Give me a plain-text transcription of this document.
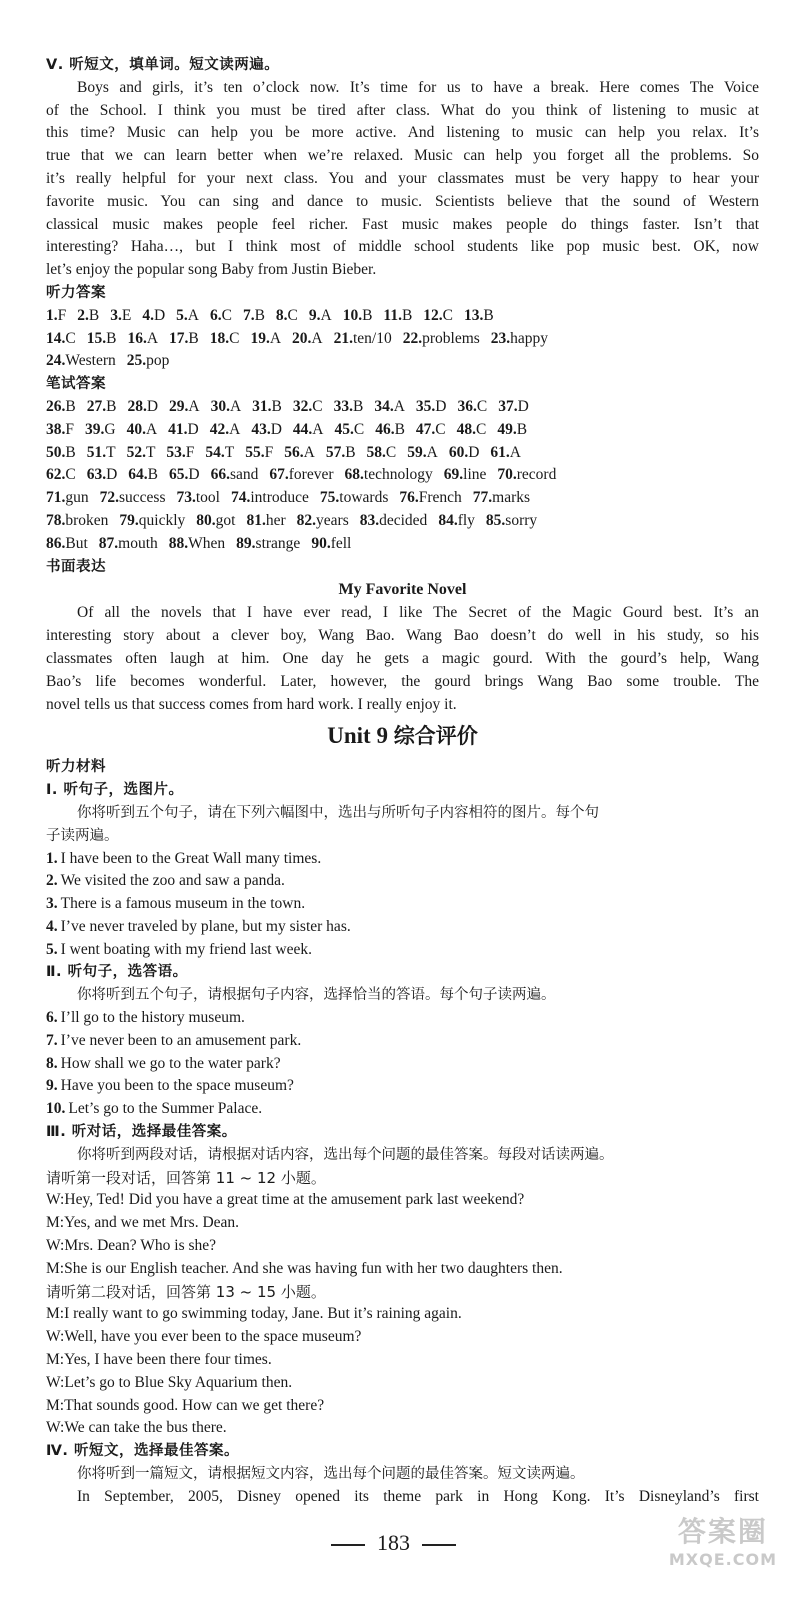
Ⅴ. 听短文，填单词。短文读两遍。
Boys and girls, it’s ten o’clock now. It’s time for us to have a break. Here comes The Voice
of the School. I think you must be tired after class. What do you think of listening to music at
this time? Music can help you be more active. And listening to music can help you relax. It’s
true that we can learn better when we’re relaxed. Music can help you forget all the problems. So
it’s really helpful for your next class. You and your classmates must be very happy to hear your
favorite music. You can sing and dance to music. Scientists believe that the sound of Western
classical music makes people feel richer. Fast music makes people do things faster. Isn’t that
interesting? Haha…, but I think most of middle school students like pop music best. OK, now
let’s enjoy the popular song Baby from Justin Bieber.
听力答案
1.F 2.B 3.E 4.D 5.A 6.C 7.B 8.C 9.A 10.B 11.B 12.C 13.B
14.C 15.B 16.A 17.B 18.C 19.A 20.A 21.ten/10 22.problems 23.happy
24.Western 25.pop
笔试答案
26.B 27.B 28.D 29.A 30.A 31.B 32.C 33.B 34.A 35.D 36.C 37.D
38.F 39.G 40.A 41.D 42.A 43.D 44.A 45.C 46.B 47.C 48.C 49.B
50.B 51.T 52.T 53.F 54.T 55.F 56.A 57.B 58.C 59.A 60.D 61.A
62.C 63.D 64.B 65.D 66.sand 67.forever 68.technology 69.line 70.record
71.gun 72.success 73.tool 74.introduce 75.towards 76.French 77.marks
78.broken 79.quickly 80.got 81.her 82.years 83.decided 84.fly 85.sorry
86.But 87.mouth 88.When 89.strange 90.fell
书面表达
My Favorite Novel
Of all the novels that I have ever read, I like The Secret of the Magic Gourd best. It’s an
interesting story about a clever boy, Wang Bao. Wang Bao doesn’t do well in his study, so his
classmates often laugh at him. One day he gets a magic gourd. With the gourd’s help, Wang
Bao’s life becomes wonderful. Later, however, the gourd brings Wang Bao some trouble. The
novel tells us that success comes from hard work. I really enjoy it.
Unit 9 综合评价
听力材料
Ⅰ. 听句子，选图片。
你将听到五个句子，请在下列六幅图中，选出与所听句子内容相符的图片。每个句
子读两遍。
1. I have been to the Great Wall many times.
2. We visited the zoo and saw a panda.
3. There is a famous museum in the town.
4. I’ve never traveled by plane, but my sister has.
5. I went boating with my friend last week.
Ⅱ. 听句子，选答语。
你将听到五个句子，请根据句子内容，选择恰当的答语。每个句子读两遍。
6. I’ll go to the history museum.
7. I’ve never been to an amusement park.
8. How shall we go to the water park?
9. Have you been to the space museum?
10. Let’s go to the Summer Palace.
Ⅲ. 听对话，选择最佳答案。
你将听到两段对话，请根据对话内容，选出每个问题的最佳答案。每段对话读两遍。
请听第一段对话，回答第 11 ~ 12 小题。
W:Hey, Ted! Did you have a great time at the amusement park last weekend?
M:Yes, and we met Mrs. Dean.
W:Mrs. Dean? Who is she?
M:She is our English teacher. And she was having fun with her two daughters then.
请听第二段对话，回答第 13 ~ 15 小题。
M:I really want to go swimming today, Jane. But it’s raining again.
W:Well, have you ever been to the space museum?
M:Yes, I have been there four times.
W:Let’s go to Blue Sky Aquarium then.
M:That sounds good. How can we get there?
W:We can take the bus there.
Ⅳ. 听短文，选择最佳答案。
你将听到一篇短文，请根据短文内容，选出每个问题的最佳答案。短文读两遍。
In September, 2005, Disney opened its theme park in Hong Kong. It’s Disneyland’s first
183	答案圈
MXQE.COM
